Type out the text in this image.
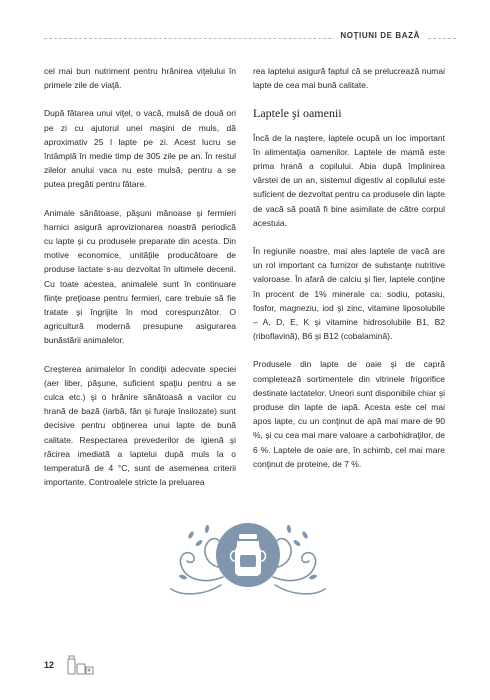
NOŢIUNI DE BAZĂ

cel mai bun nutriment pentru hrănirea viţelului în primele zile de viaţă.

După fătarea unui viţel, o vacă, mulsă de două ori pe zi cu ajutorul unei maşini de muls, dă aproximativ 25 l lapte pe zi. Acest lucru se întâmplă în medie timp de 305 zile pe an. În restul zilelor anului vaca nu este mulsă, pentru a se putea pregăti pentru fătare.

Animale sănătoase, păşuni mănoase şi fermieri harnici asigură aprovizionarea noastră periodică cu lapte şi cu produsele preparate din acesta. Din motive economice, unităţile producătoare de produse lactate s-au dezvoltat în ultimele decenii. Cu toate acestea, animalele sunt în continuare fiinţe preţioase pentru fermieri, care trebuie să fie tratate şi îngrijite în mod corespunzător. O agricultură modernă presupune asigurarea bunăstării animalelor.

Creşterea animalelor în condiţii adecvate speciei (aer liber, păşune, suficient spaţiu pentru a se culca etc.) şi o hrănire sănătoasă a vacilor cu hrană de bază (iarbă, fân şi furaje însilozate) sunt decisive pentru obţinerea unui lapte de bună calitate. Respectarea prevederilor de igienă şi răcirea imediată a laptelui după muls la o temperatură de 4 °C, sunt de asemenea criterii importante. Controalele stricte la preluarea

rea laptelui asigură faptul că se prelucrează numai lapte de cea mai bună calitate.

Laptele şi oamenii

Încă de la naştere, laptele ocupă un loc important în alimentaţia oamenilor. Laptele de mamă este prima hrană a copilului. Abia după împlinirea vârstei de un an, sistemul digestiv al copilului este suficient de dezvoltat pentru ca produsele din lapte de vacă să poată fi bine asimilate de către corpul acestuia.

În regiunile noastre, mai ales laptele de vacă are un rol important ca furnizor de substanţe nutritive valoroase. În afară de calciu şi fier, laptele conţine în procent de 1% minerale ca: sodiu, potasiu, fosfor, magneziu, iod şi zinc, vitamine liposolubile – A, D, E, K şi vitamine hidrosolubile B1, B2 (riboflavină), B6 şi B12 (cobalamină).

Produsele din lapte de oaie şi de capră completează sortimentele din vitrinele frigorifice destinate lactatelor. Uneori sunt disponibile chiar şi produse din lapte de iapă. Acesta este cel mai apos lapte, cu un conţinut de apă mai mare de 90 %, şi cu cea mai mare valoare a carbohidraţilor, de 6 %. Laptele de oaie are, în schimb, cel mai mare conţinut de proteine, de 7 %.

12
